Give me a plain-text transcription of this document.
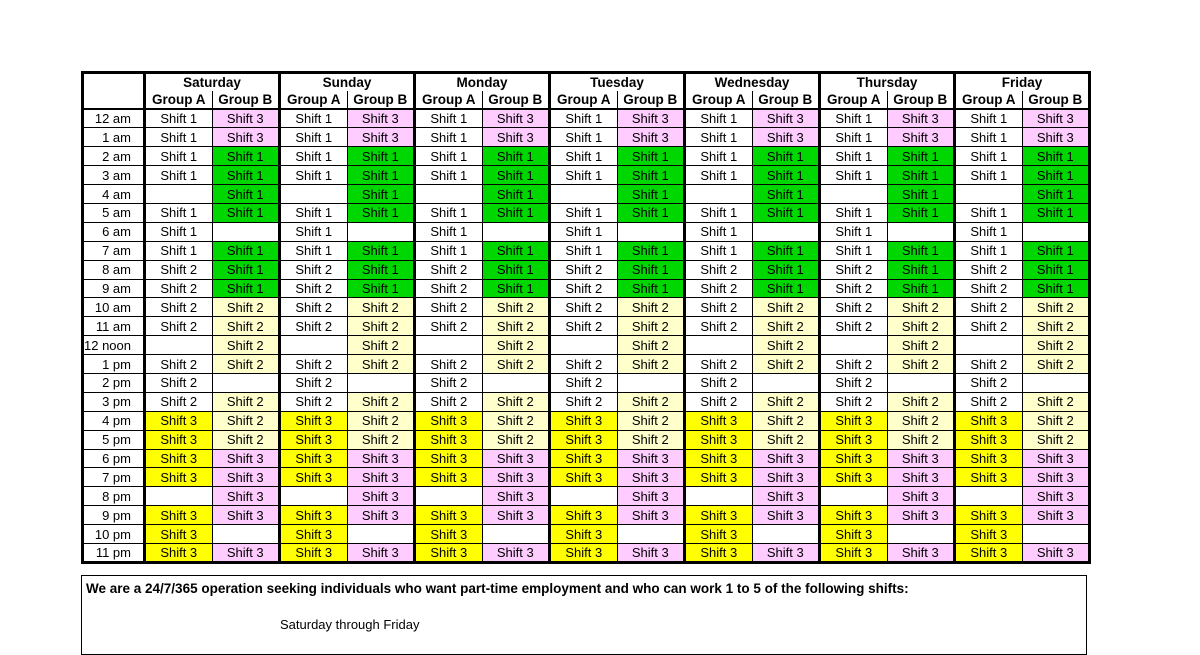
	Saturday		Sunday		Monday		Tuesday		Wednesday		Thursday		Friday	
	Group A	Group B	Group A	Group B	Group A	Group B	Group A	Group B	Group A	Group B	Group A	Group B	Group A	Group B
12 am	Shift 1	Shift 3	Shift 1	Shift 3	Shift 1	Shift 3	Shift 1	Shift 3	Shift 1	Shift 3	Shift 1	Shift 3	Shift 1	Shift 3
1 am	Shift 1	Shift 3	Shift 1	Shift 3	Shift 1	Shift 3	Shift 1	Shift 3	Shift 1	Shift 3	Shift 1	Shift 3	Shift 1	Shift 3
2 am	Shift 1	Shift 1	Shift 1	Shift 1	Shift 1	Shift 1	Shift 1	Shift 1	Shift 1	Shift 1	Shift 1	Shift 1	Shift 1	Shift 1
3 am	Shift 1	Shift 1	Shift 1	Shift 1	Shift 1	Shift 1	Shift 1	Shift 1	Shift 1	Shift 1	Shift 1	Shift 1	Shift 1	Shift 1
4 am		Shift 1		Shift 1		Shift 1		Shift 1		Shift 1		Shift 1		Shift 1
5 am	Shift 1	Shift 1	Shift 1	Shift 1	Shift 1	Shift 1	Shift 1	Shift 1	Shift 1	Shift 1	Shift 1	Shift 1	Shift 1	Shift 1
6 am	Shift 1		Shift 1		Shift 1		Shift 1		Shift 1		Shift 1		Shift 1	
7 am	Shift 1	Shift 1	Shift 1	Shift 1	Shift 1	Shift 1	Shift 1	Shift 1	Shift 1	Shift 1	Shift 1	Shift 1	Shift 1	Shift 1
8 am	Shift 2	Shift 1	Shift 2	Shift 1	Shift 2	Shift 1	Shift 2	Shift 1	Shift 2	Shift 1	Shift 2	Shift 1	Shift 2	Shift 1
9 am	Shift 2	Shift 1	Shift 2	Shift 1	Shift 2	Shift 1	Shift 2	Shift 1	Shift 2	Shift 1	Shift 2	Shift 1	Shift 2	Shift 1
10 am	Shift 2	Shift 2	Shift 2	Shift 2	Shift 2	Shift 2	Shift 2	Shift 2	Shift 2	Shift 2	Shift 2	Shift 2	Shift 2	Shift 2
11 am	Shift 2	Shift 2	Shift 2	Shift 2	Shift 2	Shift 2	Shift 2	Shift 2	Shift 2	Shift 2	Shift 2	Shift 2	Shift 2	Shift 2
12 noon		Shift 2		Shift 2		Shift 2		Shift 2		Shift 2		Shift 2		Shift 2
1 pm	Shift 2	Shift 2	Shift 2	Shift 2	Shift 2	Shift 2	Shift 2	Shift 2	Shift 2	Shift 2	Shift 2	Shift 2	Shift 2	Shift 2
2 pm	Shift 2		Shift 2		Shift 2		Shift 2		Shift 2		Shift 2		Shift 2	
3 pm	Shift 2	Shift 2	Shift 2	Shift 2	Shift 2	Shift 2	Shift 2	Shift 2	Shift 2	Shift 2	Shift 2	Shift 2	Shift 2	Shift 2
4 pm	Shift 3	Shift 2	Shift 3	Shift 2	Shift 3	Shift 2	Shift 3	Shift 2	Shift 3	Shift 2	Shift 3	Shift 2	Shift 3	Shift 2
5 pm	Shift 3	Shift 2	Shift 3	Shift 2	Shift 3	Shift 2	Shift 3	Shift 2	Shift 3	Shift 2	Shift 3	Shift 2	Shift 3	Shift 2
6 pm	Shift 3	Shift 3	Shift 3	Shift 3	Shift 3	Shift 3	Shift 3	Shift 3	Shift 3	Shift 3	Shift 3	Shift 3	Shift 3	Shift 3
7 pm	Shift 3	Shift 3	Shift 3	Shift 3	Shift 3	Shift 3	Shift 3	Shift 3	Shift 3	Shift 3	Shift 3	Shift 3	Shift 3	Shift 3
8 pm		Shift 3		Shift 3		Shift 3		Shift 3		Shift 3		Shift 3		Shift 3
9 pm	Shift 3	Shift 3	Shift 3	Shift 3	Shift 3	Shift 3	Shift 3	Shift 3	Shift 3	Shift 3	Shift 3	Shift 3	Shift 3	Shift 3
10 pm	Shift 3		Shift 3		Shift 3		Shift 3		Shift 3		Shift 3		Shift 3	
11 pm	Shift 3	Shift 3	Shift 3	Shift 3	Shift 3	Shift 3	Shift 3	Shift 3	Shift 3	Shift 3	Shift 3	Shift 3	Shift 3	Shift 3
We are a 24/7/365 operation seeking individuals who want part-time employment and who can work 1 to 5 of the following shifts:
Saturday through Friday
